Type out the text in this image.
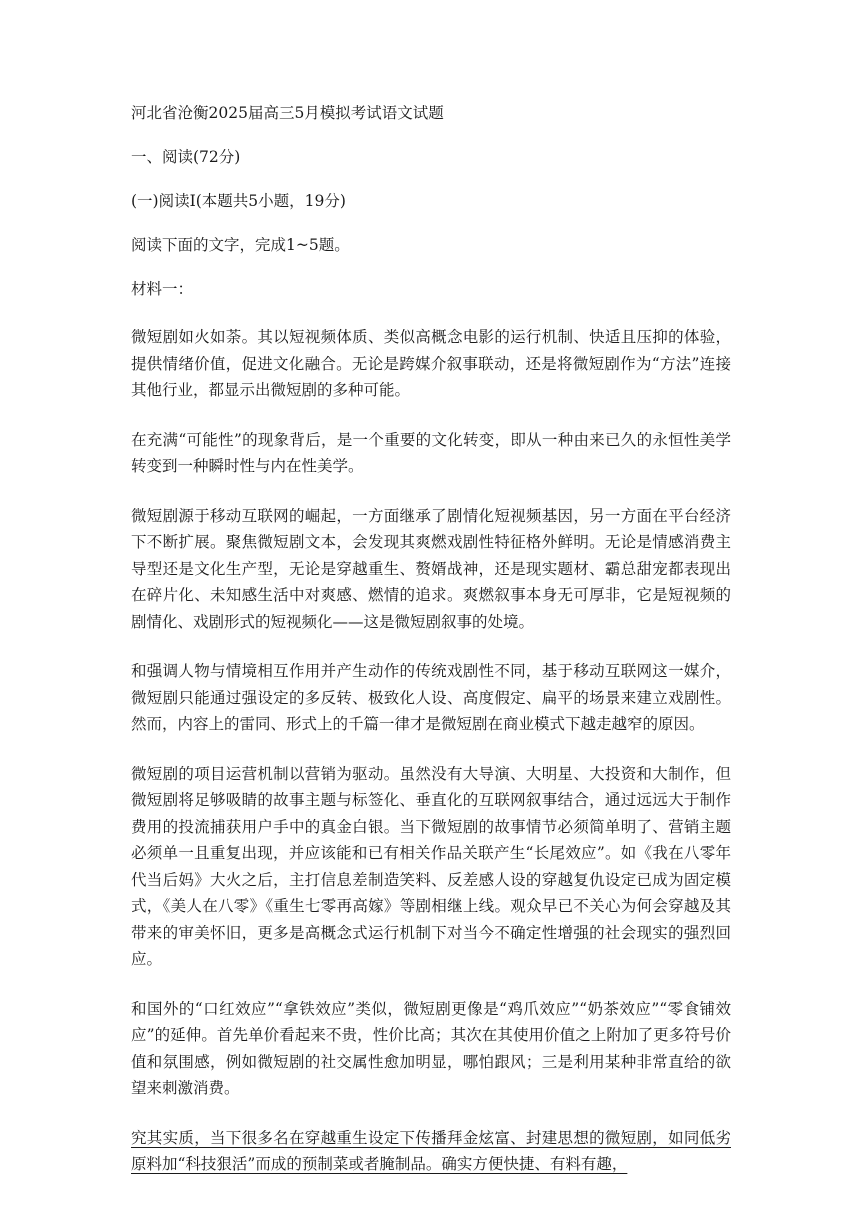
河北省沧衡2025届高三5月模拟考试语文试题

一、阅读(72分)

(一)阅读Ⅰ(本题共5小题，19分)

阅读下面的文字，完成1~5题。

材料一：

微短剧如火如荼。其以短视频体质、类似高概念电影的运行机制、快适且压抑的体验，提供情绪价值，促进文化融合。无论是跨媒介叙事联动，还是将微短剧作为“方法”连接其他行业，都显示出微短剧的多种可能。

在充满“可能性”的现象背后，是一个重要的文化转变，即从一种由来已久的永恒性美学转变到一种瞬时性与内在性美学。

微短剧源于移动互联网的崛起，一方面继承了剧情化短视频基因，另一方面在平台经济下不断扩展。聚焦微短剧文本，会发现其爽燃戏剧性特征格外鲜明。无论是情感消费主导型还是文化生产型，无论是穿越重生、赘婿战神，还是现实题材、霸总甜宠都表现出在碎片化、未知感生活中对爽感、燃情的追求。爽燃叙事本身无可厚非，它是短视频的剧情化、戏剧形式的短视频化——这是微短剧叙事的处境。

和强调人物与情境相互作用并产生动作的传统戏剧性不同，基于移动互联网这一媒介，微短剧只能通过强设定的多反转、极致化人设、高度假定、扁平的场景来建立戏剧性。然而，内容上的雷同、形式上的千篇一律才是微短剧在商业模式下越走越窄的原因。

微短剧的项目运营机制以营销为驱动。虽然没有大导演、大明星、大投资和大制作，但微短剧将足够吸睛的故事主题与标签化、垂直化的互联网叙事结合，通过远远大于制作费用的投流捕获用户手中的真金白银。当下微短剧的故事情节必须简单明了、营销主题必须单一且重复出现，并应该能和已有相关作品关联产生“长尾效应”。如《我在八零年代当后妈》大火之后，主打信息差制造笑料、反差感人设的穿越复仇设定已成为固定模式，《美人在八零》《重生七零再高嫁》等剧相继上线。观众早已不关心为何会穿越及其带来的审美怀旧，更多是高概念式运行机制下对当今不确定性增强的社会现实的强烈回应。

和国外的“口红效应”“拿铁效应”类似，微短剧更像是“鸡爪效应”“奶茶效应”“零食铺效应”的延伸。首先单价看起来不贵，性价比高；其次在其使用价值之上附加了更多符号价值和氛围感，例如微短剧的社交属性愈加明显，哪怕跟风；三是利用某种非常直给的欲望来刺激消费。

究其实质，当下很多名在穿越重生设定下传播拜金炫富、封建思想的微短剧，如同低劣原料加“科技狠活”而成的预制菜或者腌制品。确实方便快捷、有料有趣，
